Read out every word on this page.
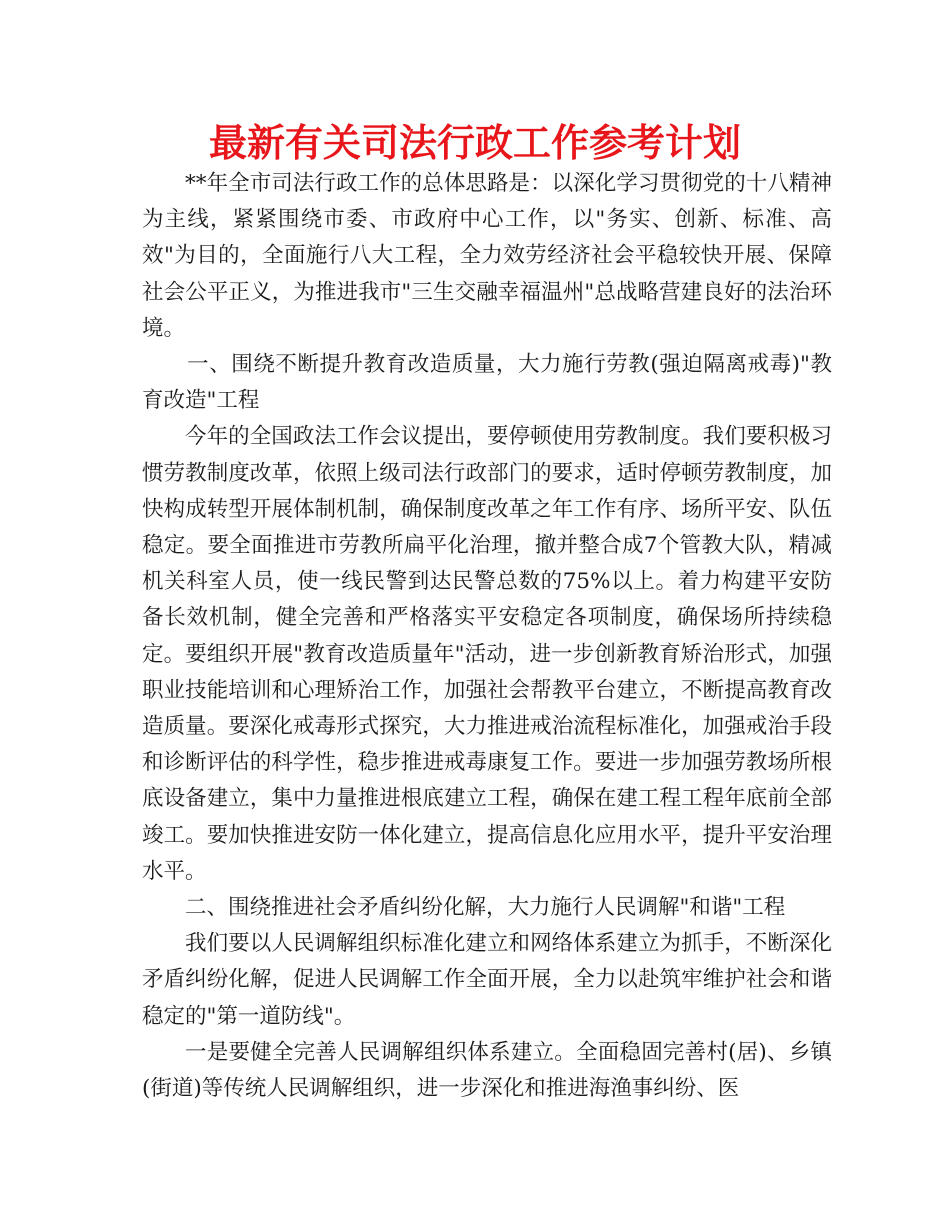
最新有关司法行政工作参考计划

**年全市司法行政工作的总体思路是：以深化学习贯彻党的十八精神为主线，紧紧围绕市委、市政府中心工作，以"务实、创新、标准、高效"为目的，全面施行八大工程，全力效劳经济社会平稳较快开展、保障社会公平正义，为推进我市"三生交融幸福温州"总战略营建良好的法治环境。

一、围绕不断提升教育改造质量，大力施行劳教(强迫隔离戒毒)"教育改造"工程

今年的全国政法工作会议提出，要停顿使用劳教制度。我们要积极习惯劳教制度改革，依照上级司法行政部门的要求，适时停顿劳教制度，加快构成转型开展体制机制，确保制度改革之年工作有序、场所平安、队伍稳定。要全面推进市劳教所扁平化治理，撤并整合成7个管教大队，精减机关科室人员，使一线民警到达民警总数的75%以上。着力构建平安防备长效机制，健全完善和严格落实平安稳定各项制度，确保场所持续稳定。要组织开展"教育改造质量年"活动，进一步创新教育矫治形式，加强职业技能培训和心理矫治工作，加强社会帮教平台建立，不断提高教育改造质量。要深化戒毒形式探究，大力推进戒治流程标准化，加强戒治手段和诊断评估的科学性，稳步推进戒毒康复工作。要进一步加强劳教场所根底设备建立，集中力量推进根底建立工程，确保在建工程工程年底前全部竣工。要加快推进安防一体化建立，提高信息化应用水平，提升平安治理水平。

二、围绕推进社会矛盾纠纷化解，大力施行人民调解"和谐"工程

我们要以人民调解组织标准化建立和网络体系建立为抓手，不断深化矛盾纠纷化解，促进人民调解工作全面开展，全力以赴筑牢维护社会和谐稳定的"第一道防线"。

一是要健全完善人民调解组织体系建立。全面稳固完善村(居)、乡镇(街道)等传统人民调解组织，进一步深化和推进海渔事纠纷、医
